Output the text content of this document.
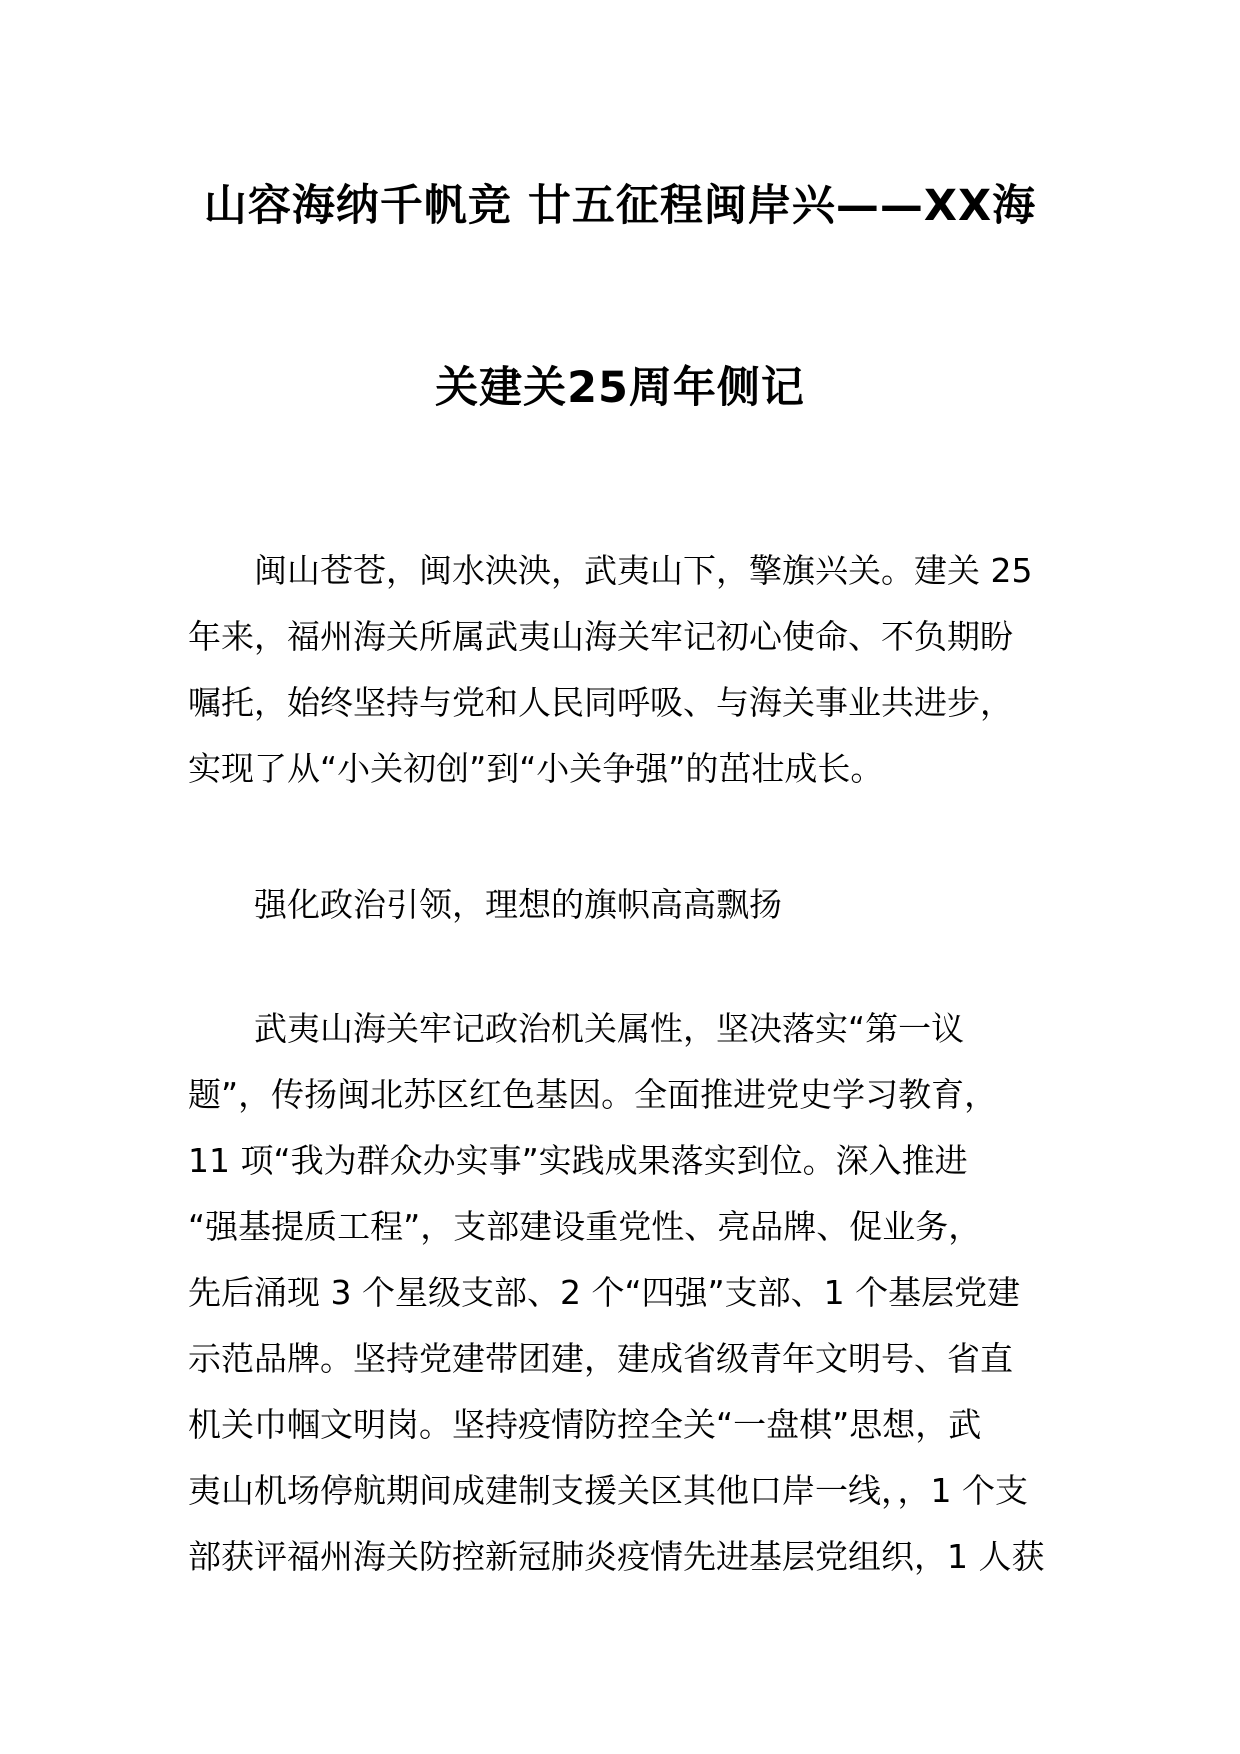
山容海纳千帆竞 廿五征程闽岸兴——XX海
关建关25周年侧记
闽山苍苍，闽水泱泱，武夷山下，擎旗兴关。建关 25
年来，福州海关所属武夷山海关牢记初心使命、不负期盼
嘱托，始终坚持与党和人民同呼吸、与海关事业共进步，
实现了从“小关初创”到“小关争强”的茁壮成长。
强化政治引领，理想的旗帜高高飘扬
武夷山海关牢记政治机关属性，坚决落实“第一议
题”，传扬闽北苏区红色基因。全面推进党史学习教育，
11 项“我为群众办实事”实践成果落实到位。深入推进
“强基提质工程”，支部建设重党性、亮品牌、促业务，
先后涌现 3 个星级支部、2 个“四强”支部、1 个基层党建
示范品牌。坚持党建带团建，建成省级青年文明号、省直
机关巾帼文明岗。坚持疫情防控全关“一盘棋”思想，武
夷山机场停航期间成建制支援关区其他口岸一线，，1 个支
部获评福州海关防控新冠肺炎疫情先进基层党组织，1 人获
